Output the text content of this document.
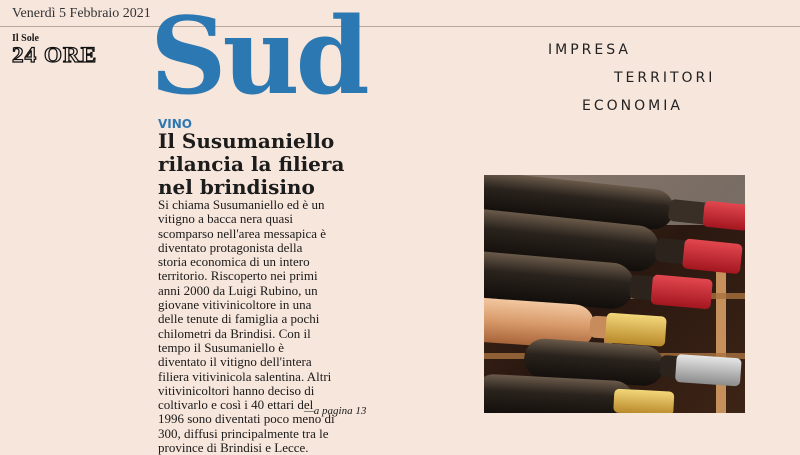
Venerdì 5 Febbraio 2021
Il Sole
24 ORE Sud	IMPRESA
TERRITORI
ECONOMIA
VINO
Il Susumaniello
rilancia la filiera
nel brindisino
Si chiama Susumaniello ed è un
vitigno a bacca nera quasi
scomparso nell'area messapica è
diventato protagonista della
storia economica di un intero
territorio. Riscoperto nei primi
anni 2000 da Luigi Rubino, un
giovane vitivinicoltore in una
delle tenute di famiglia a pochi
chilometri da Brindisi. Con il
tempo il Susumaniello è
diventato il vitigno dell'intera
filiera vitivinicola salentina. Altri
vitivinicoltori hanno deciso di
coltivarlo e così i 40 ettari del
1996 sono diventati poco meno di
300, diffusi principalmente tra le
province di Brindisi e Lecce.
—a pagina 13
